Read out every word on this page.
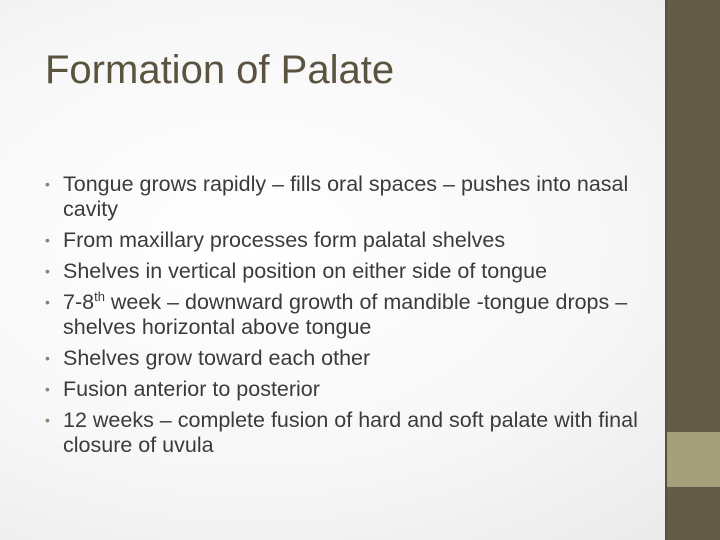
Formation of Palate
• Tongue grows rapidly – fills oral spaces – pushes into nasal cavity
• From maxillary processes form palatal shelves
• Shelves in vertical position on either side of tongue
• 7-8th week – downward growth of mandible -tongue drops – shelves horizontal above tongue
• Shelves grow toward each other
• Fusion anterior to posterior
• 12 weeks – complete fusion of hard and soft palate with final closure of uvula
